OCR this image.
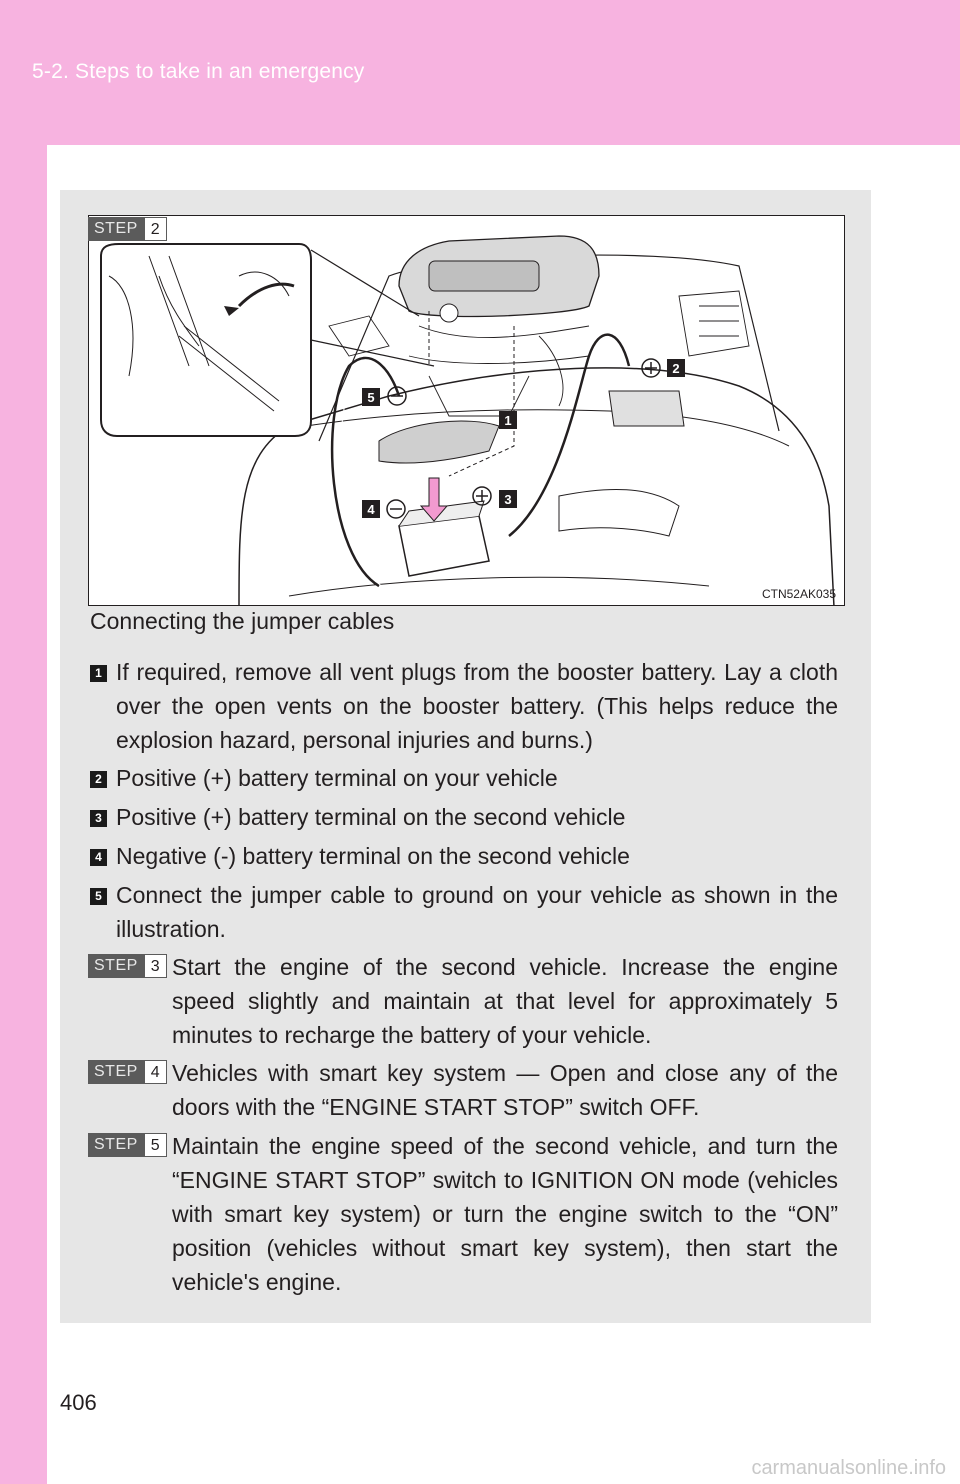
5-2. Steps to take in an emergency
STEP 2
5
1
2
3
4
CTN52AK035
Connecting the jumper cables
1 If required, remove all vent plugs from the booster battery. Lay a cloth over the open vents on the booster battery. (This helps reduce the explosion hazard, personal injuries and burns.)
2 Positive (+) battery terminal on your vehicle
3 Positive (+) battery terminal on the second vehicle
4 Negative (-) battery terminal on the second vehicle
5 Connect the jumper cable to ground on your vehicle as shown in the illustration.
STEP 3 Start the engine of the second vehicle. Increase the engine speed slightly and maintain at that level for approximately 5 minutes to recharge the battery of your vehicle.
STEP 4 Vehicles with smart key system — Open and close any of the doors with the “ENGINE START STOP” switch OFF.
STEP 5 Maintain the engine speed of the second vehicle, and turn the “ENGINE START STOP” switch to IGNITION ON mode (vehicles with smart key system) or turn the engine switch to the “ON” position (vehicles without smart key system), then start the vehicle's engine.
406
carmanualsonline.info
